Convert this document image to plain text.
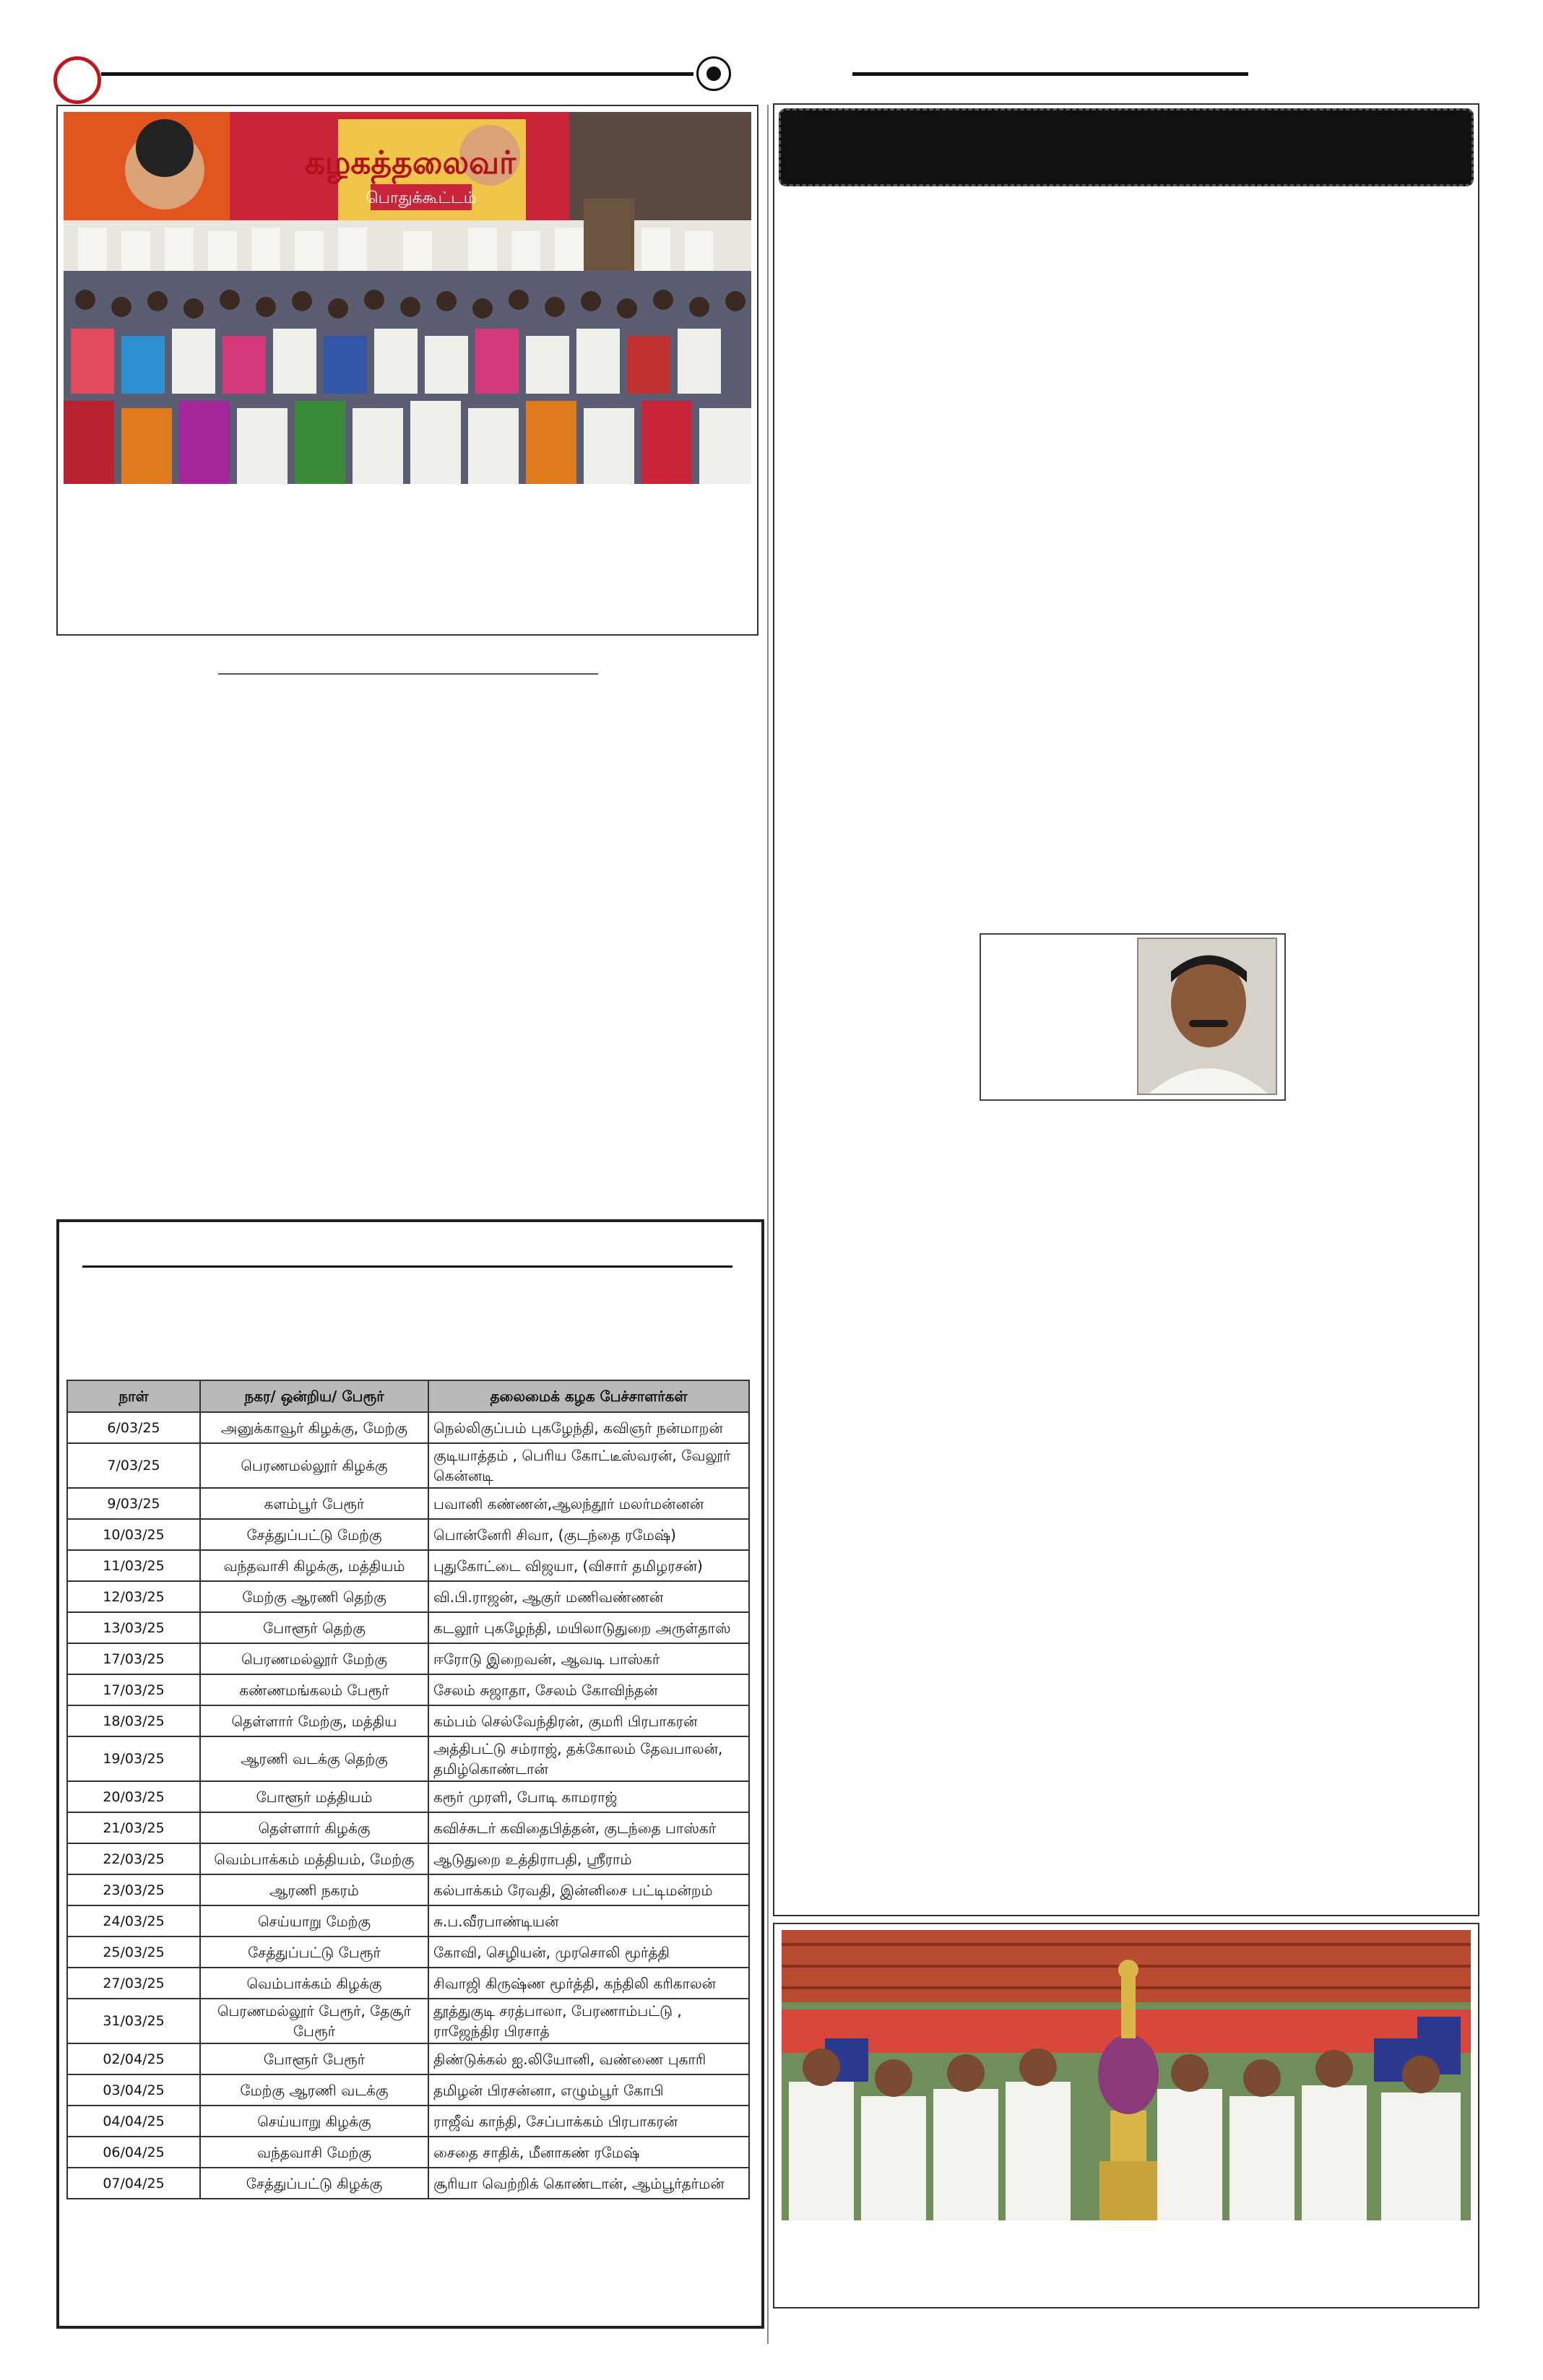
கழகத்தலைவர்
பொதுக்கூட்டம்
நாள்	நகர/ ஒன்றிய/ பேரூர்	தலைமைக் கழக பேச்சாளர்கள்
6/03/25	அனுக்காவூர் கிழக்கு, மேற்கு	நெல்லிகுப்பம் புகழேந்தி, கவிஞர் நன்மாறன்
7/03/25	பெரணமல்லூர் கிழக்கு	குடியாத்தம் , பெரிய கோட்டீஸ்வரன், வேலூர் கென்னடி
9/03/25	களம்பூர் பேரூர்	பவானி கண்ணன்,ஆலந்தூர் மலர்மன்னன்
10/03/25	சேத்துப்பட்டு மேற்கு	பொன்னேரி சிவா, (குடந்தை ரமேஷ்)
11/03/25	வந்தவாசி கிழக்கு, மத்தியம்	புதுகோட்டை விஜயா, (விசார் தமிழரசன்)
12/03/25	மேற்கு ஆரணி தெற்கு	வி.பி.ராஜன், ஆகுர் மணிவண்ணன்
13/03/25	போளூர் தெற்கு	கடலூர் புகழேந்தி, மயிலாடுதுறை அருள்தாஸ்
17/03/25	பெரணமல்லூர் மேற்கு	ஈரோடு இறைவன், ஆவடி பாஸ்கர்
17/03/25	கண்ணமங்கலம் பேரூர்	சேலம் சுஜாதா, சேலம் கோவிந்தன்
18/03/25	தெள்ளார் மேற்கு, மத்திய	கம்பம் செல்வேந்திரன், குமரி பிரபாகரன்
19/03/25	ஆரணி வடக்கு தெற்கு	அத்திபட்டு சம்ராஜ், தக்கோலம் தேவபாலன், தமிழ்கொண்டான்
20/03/25	போளூர் மத்தியம்	கரூர் முரளி, போடி காமராஜ்
21/03/25	தெள்ளார் கிழக்கு	கவிச்சுடர் கவிதைபித்தன், குடந்தை பாஸ்கர்
22/03/25	வெம்பாக்கம் மத்தியம், மேற்கு	ஆடுதுறை உத்திராபதி, ஸ்ரீராம்
23/03/25	ஆரணி நகரம்	கல்பாக்கம் ரேவதி, இன்னிசை பட்டிமன்றம்
24/03/25	செய்யாறு மேற்கு	சு.ப.வீரபாண்டியன்
25/03/25	சேத்துப்பட்டு பேரூர்	கோவி, செழியன், முரசொலி மூர்த்தி
27/03/25	வெம்பாக்கம் கிழக்கு	சிவாஜி கிருஷ்ண மூர்த்தி, கந்திலி கரிகாலன்
31/03/25	பெரணமல்லூர் பேரூர், தேசூர் பேரூர்	தூத்துகுடி சரத்பாலா, பேரணாம்பட்டு , ராஜேந்திர பிரசாத்
02/04/25	போளூர் பேரூர்	திண்டுக்கல் ஐ.லியோனி, வண்ணை புகாரி
03/04/25	மேற்கு ஆரணி வடக்கு	தமிழன் பிரசன்னா, எழும்பூர் கோபி
04/04/25	செய்யாறு கிழக்கு	ராஜீவ் காந்தி, சேப்பாக்கம் பிரபாகரன்
06/04/25	வந்தவாசி மேற்கு	சைதை சாதிக், மீனாகண் ரமேஷ்
07/04/25	சேத்துப்பட்டு கிழக்கு	சூரியா வெற்றிக் கொண்டான், ஆம்பூர்தர்மன்
